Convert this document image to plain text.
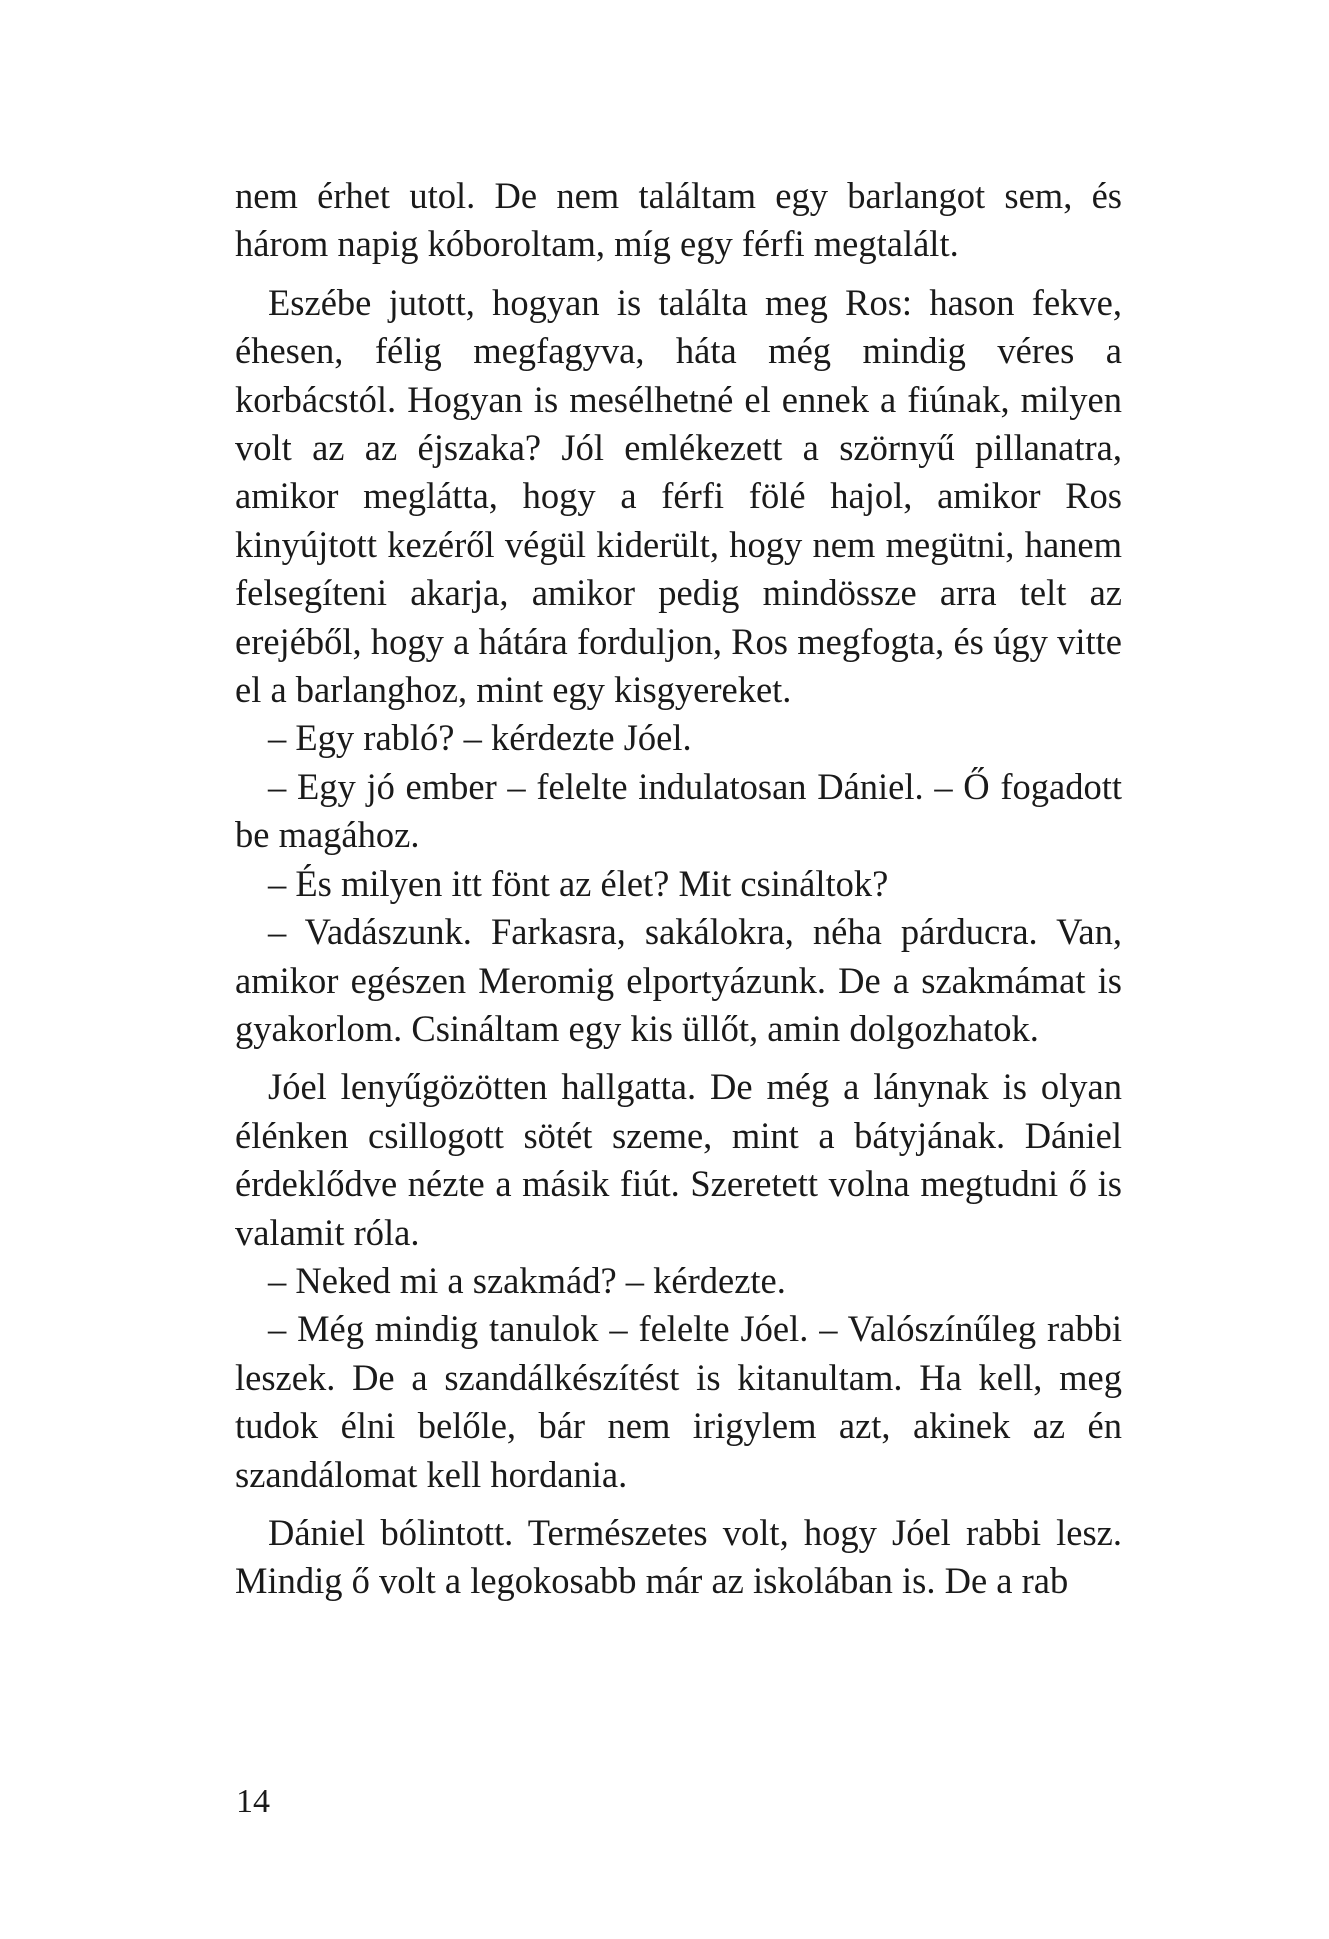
nem érhet utol. De nem találtam egy barlangot sem, és három napig kóboroltam, míg egy férfi megtalált.

Eszébe jutott, hogyan is találta meg Ros: hason fekve, éhesen, félig megfagyva, háta még mindig véres a korbácstól. Hogyan is mesélhetné el ennek a fiúnak, milyen volt az az éjszaka? Jól emlékezett a szörnyű pillanatra, amikor meglátta, hogy a férfi fölé hajol, amikor Ros kinyújtott kezéről végül kiderült, hogy nem megütni, hanem felsegíteni akarja, amikor pedig mindössze arra telt az erejéből, hogy a hátára forduljon, Ros megfogta, és úgy vitte el a barlanghoz, mint egy kisgyereket.

– Egy rabló? – kérdezte Jóel.

– Egy jó ember – felelte indulatosan Dániel. – Ő fogadott be magához.

– És milyen itt fönt az élet? Mit csináltok?

– Vadászunk. Farkasra, sakálokra, néha párducra. Van, amikor egészen Meromig elportyázunk. De a szakmámat is gyakorlom. Csináltam egy kis üllőt, amin dolgozhatok.

Jóel lenyűgözötten hallgatta. De még a lánynak is olyan élénken csillogott sötét szeme, mint a bátyjának. Dániel érdeklődve nézte a másik fiút. Szeretett volna megtudni ő is valamit róla.

– Neked mi a szakmád? – kérdezte.

– Még mindig tanulok – felelte Jóel. – Valószínűleg rabbi leszek. De a szandálkészítést is kitanultam. Ha kell, meg tudok élni belőle, bár nem irigylem azt, akinek az én szandálomat kell hordania.

Dániel bólintott. Természetes volt, hogy Jóel rabbi lesz. Mindig ő volt a legokosabb már az iskolában is. De a rab

14
